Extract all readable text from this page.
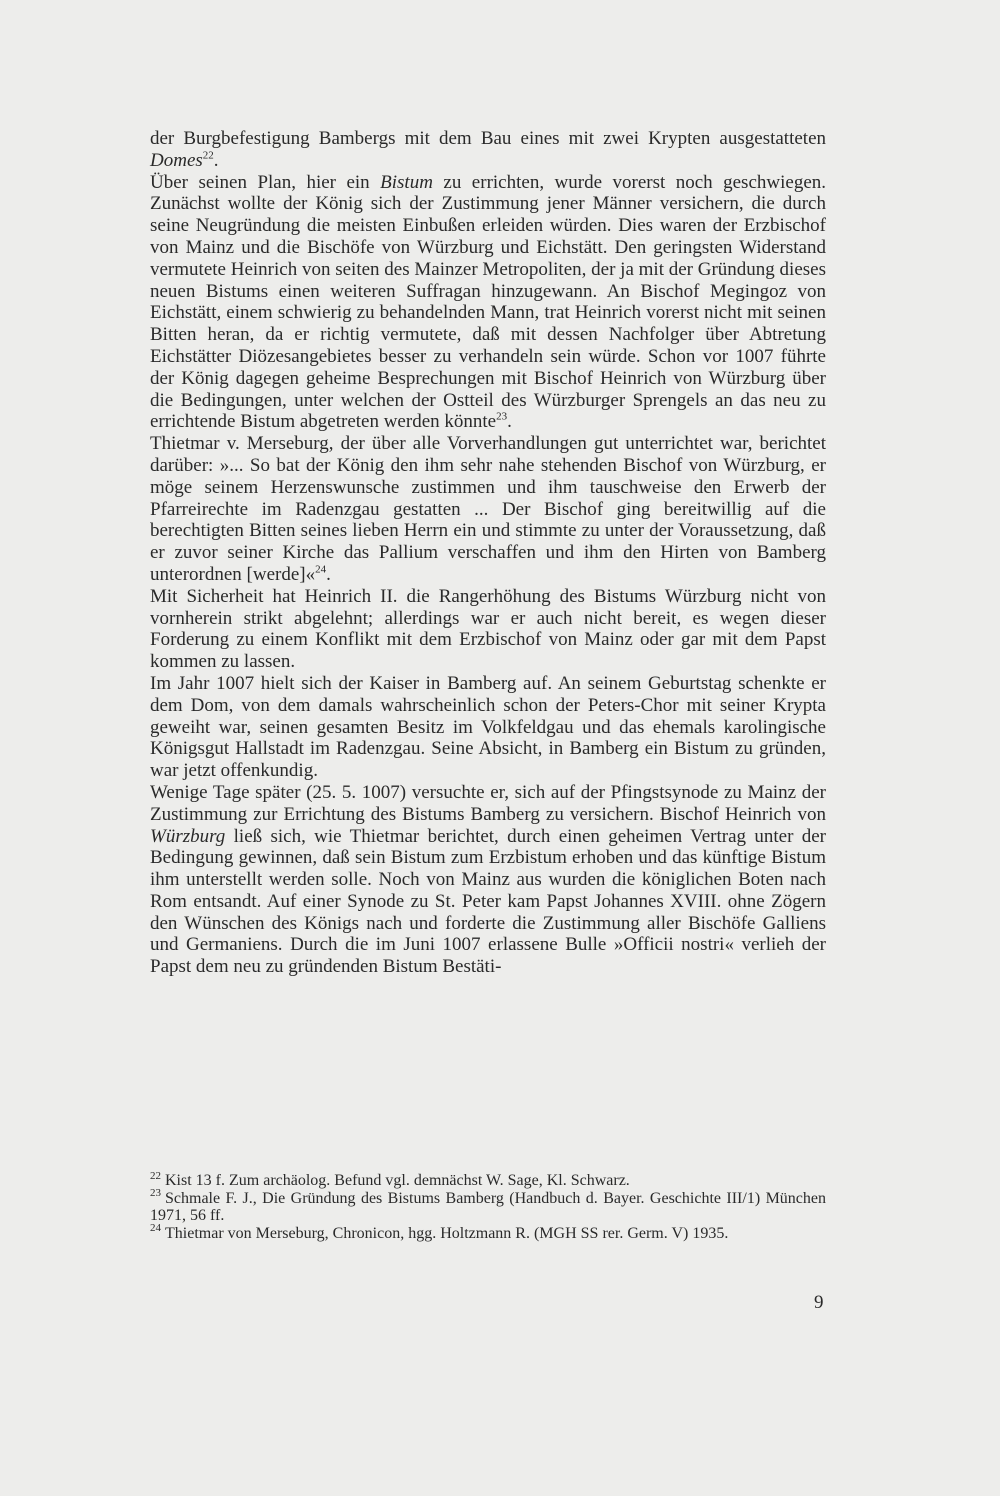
der Burgbefestigung Bambergs mit dem Bau eines mit zwei Krypten ausgestatteten Domes$^{22}$.

Über seinen Plan, hier ein Bistum zu errichten, wurde vorerst noch geschwiegen. Zunächst wollte der König sich der Zustimmung jener Männer versichern, die durch seine Neugründung die meisten Einbußen erleiden würden. Dies waren der Erzbischof von Mainz und die Bischöfe von Würzburg und Eichstätt. Den geringsten Widerstand vermutete Heinrich von seiten des Mainzer Metropoliten, der ja mit der Gründung dieses neuen Bistums einen weiteren Suffragan hinzugewann. An Bischof Megingoz von Eichstätt, einem schwierig zu behandelnden Mann, trat Heinrich vorerst nicht mit seinen Bitten heran, da er richtig vermutete, daß mit dessen Nachfolger über Abtretung Eichstätter Diözesangebietes besser zu verhandeln sein würde. Schon vor 1007 führte der König dagegen geheime Besprechungen mit Bischof Heinrich von Würzburg über die Bedingungen, unter welchen der Ostteil des Würzburger Sprengels an das neu zu errichtende Bistum abgetreten werden könnte$^{23}$.

Thietmar v. Merseburg, der über alle Vorverhandlungen gut unterrichtet war, berichtet darüber: »... So bat der König den ihm sehr nahe stehenden Bischof von Würzburg, er möge seinem Herzenswunsche zustimmen und ihm tauschweise den Erwerb der Pfarreirechte im Radenzgau gestatten ... Der Bischof ging bereitwillig auf die berechtigten Bitten seines lieben Herrn ein und stimmte zu unter der Voraussetzung, daß er zuvor seiner Kirche das Pallium verschaffen und ihm den Hirten von Bamberg unterordnen [werde]«$^{24}$.

Mit Sicherheit hat Heinrich II. die Rangerhöhung des Bistums Würzburg nicht von vornherein strikt abgelehnt; allerdings war er auch nicht bereit, es wegen dieser Forderung zu einem Konflikt mit dem Erzbischof von Mainz oder gar mit dem Papst kommen zu lassen.

Im Jahr 1007 hielt sich der Kaiser in Bamberg auf. An seinem Geburtstag schenkte er dem Dom, von dem damals wahrscheinlich schon der Peters-Chor mit seiner Krypta geweiht war, seinen gesamten Besitz im Volkfeldgau und das ehemals karolingische Königsgut Hallstadt im Radenzgau. Seine Absicht, in Bamberg ein Bistum zu gründen, war jetzt offenkundig.

Wenige Tage später (25. 5. 1007) versuchte er, sich auf der Pfingstsynode zu Mainz der Zustimmung zur Errichtung des Bistums Bamberg zu versichern. Bischof Heinrich von Würzburg ließ sich, wie Thietmar berichtet, durch einen geheimen Vertrag unter der Bedingung gewinnen, daß sein Bistum zum Erzbistum erhoben und das künftige Bistum ihm unterstellt werden solle. Noch von Mainz aus wurden die königlichen Boten nach Rom entsandt. Auf einer Synode zu St. Peter kam Papst Johannes XVIII. ohne Zögern den Wünschen des Königs nach und forderte die Zustimmung aller Bischöfe Galliens und Germaniens. Durch die im Juni 1007 erlassene Bulle »Officii nostri« verlieh der Papst dem neu zu gründenden Bistum Bestäti-

$^{22}$ Kist 13 f. Zum archäolog. Befund vgl. demnächst W. Sage, Kl. Schwarz.

$^{23}$ Schmale F. J., Die Gründung des Bistums Bamberg (Handbuch d. Bayer. Geschichte III/1) München 1971, 56 ff.

$^{24}$ Thietmar von Merseburg, Chronicon, hgg. Holtzmann R. (MGH SS rer. Germ. V) 1935.

9
